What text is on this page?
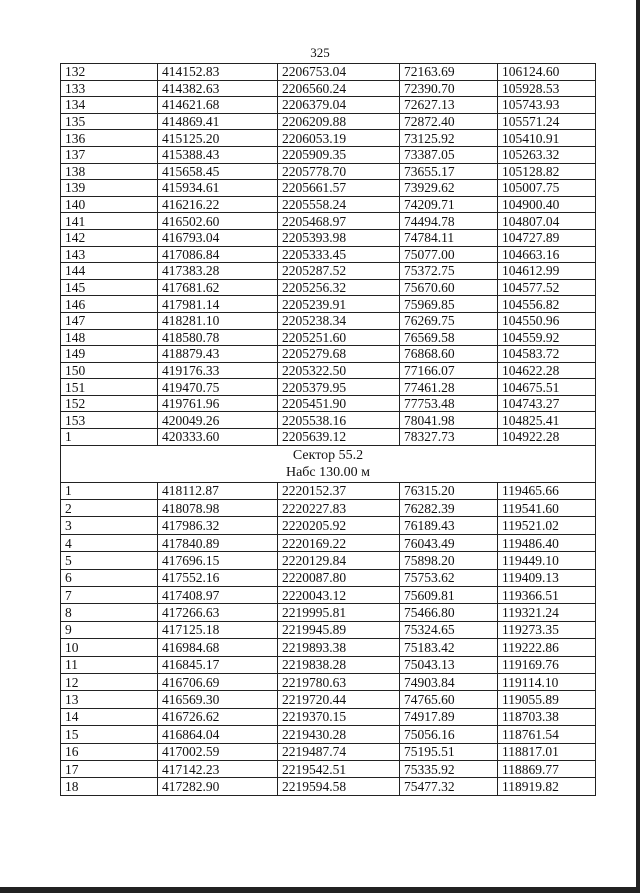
325
132	414152.83	2206753.04	72163.69	106124.60
133	414382.63	2206560.24	72390.70	105928.53
134	414621.68	2206379.04	72627.13	105743.93
135	414869.41	2206209.88	72872.40	105571.24
136	415125.20	2206053.19	73125.92	105410.91
137	415388.43	2205909.35	73387.05	105263.32
138	415658.45	2205778.70	73655.17	105128.82
139	415934.61	2205661.57	73929.62	105007.75
140	416216.22	2205558.24	74209.71	104900.40
141	416502.60	2205468.97	74494.78	104807.04
142	416793.04	2205393.98	74784.11	104727.89
143	417086.84	2205333.45	75077.00	104663.16
144	417383.28	2205287.52	75372.75	104612.99
145	417681.62	2205256.32	75670.60	104577.52
146	417981.14	2205239.91	75969.85	104556.82
147	418281.10	2205238.34	76269.75	104550.96
148	418580.78	2205251.60	76569.58	104559.92
149	418879.43	2205279.68	76868.60	104583.72
150	419176.33	2205322.50	77166.07	104622.28
151	419470.75	2205379.95	77461.28	104675.51
152	419761.96	2205451.90	77753.48	104743.27
153	420049.26	2205538.16	78041.98	104825.41
1	420333.60	2205639.12	78327.73	104922.28

Сектор 55.2
Набс 130.00 м				

1	418112.87	2220152.37	76315.20	119465.66
2	418078.98	2220227.83	76282.39	119541.60
3	417986.32	2220205.92	76189.43	119521.02
4	417840.89	2220169.22	76043.49	119486.40
5	417696.15	2220129.84	75898.20	119449.10
6	417552.16	2220087.80	75753.62	119409.13
7	417408.97	2220043.12	75609.81	119366.51
8	417266.63	2219995.81	75466.80	119321.24
9	417125.18	2219945.89	75324.65	119273.35
10	416984.68	2219893.38	75183.42	119222.86
11	416845.17	2219838.28	75043.13	119169.76
12	416706.69	2219780.63	74903.84	119114.10
13	416569.30	2219720.44	74765.60	119055.89
14	416726.62	2219370.15	74917.89	118703.38
15	416864.04	2219430.28	75056.16	118761.54
16	417002.59	2219487.74	75195.51	118817.01
17	417142.23	2219542.51	75335.92	118869.77
18	417282.90	2219594.58	75477.32	118919.82
